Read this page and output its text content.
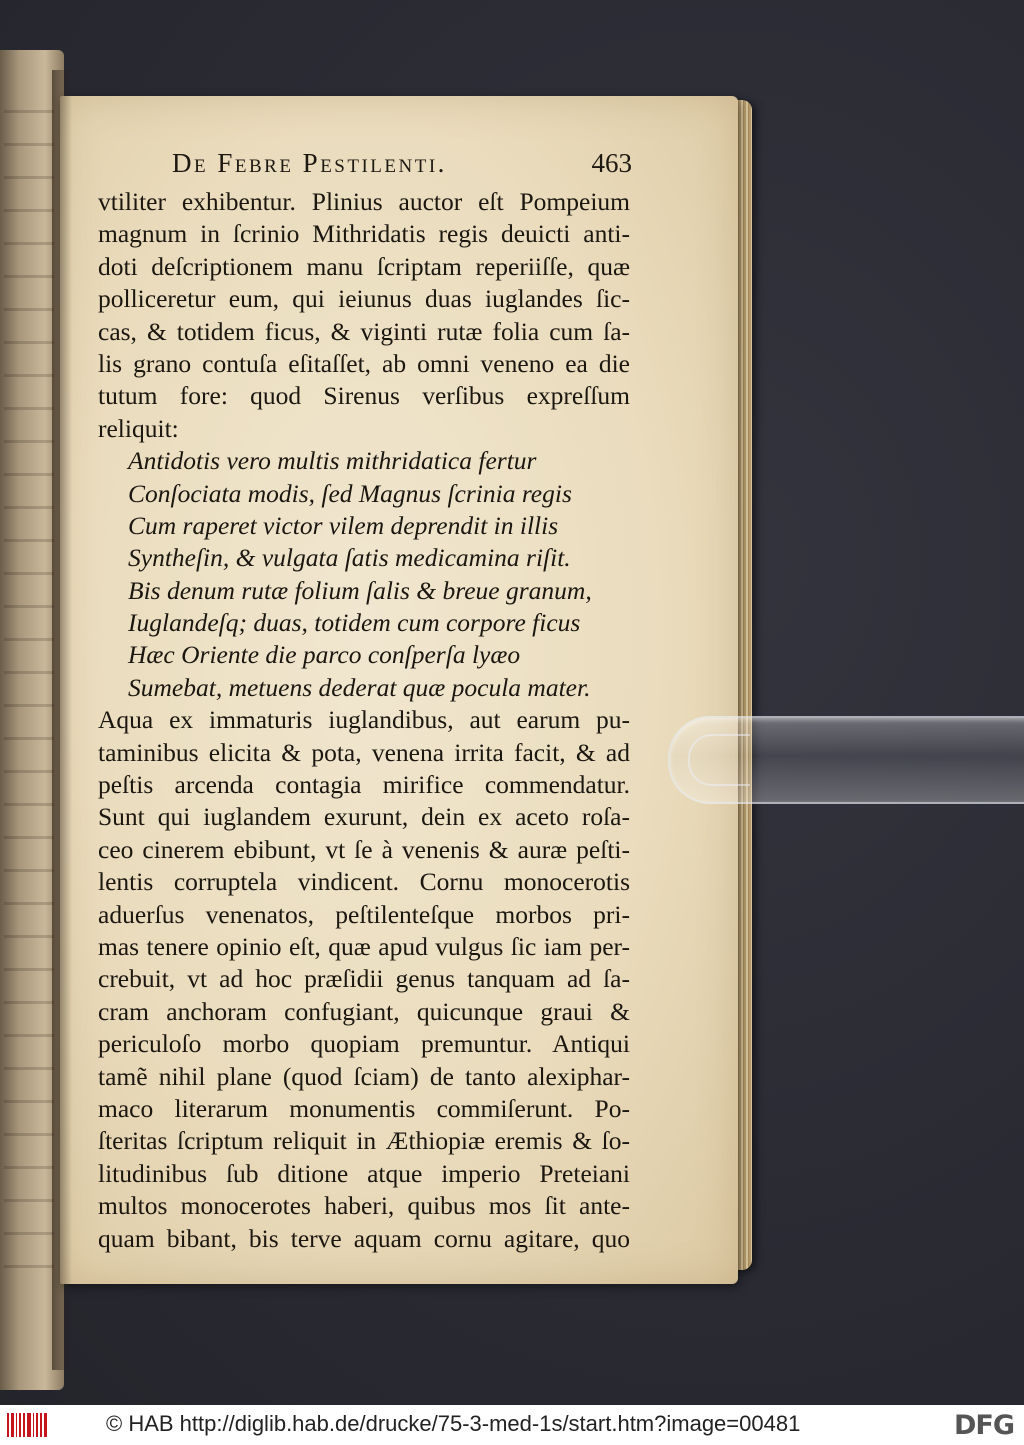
De Febre Pestilenti.	463
vtiliter exhibentur. Plinius auctor eſt Pompeium
magnum in ſcrinio Mithridatis regis deuicti anti-
doti deſcriptionem manu ſcriptam reperiiſſe, quæ
polliceretur eum, qui ieiunus duas iuglandes ſic-
cas, & totidem ficus, & viginti rutæ folia cum ſa-
lis grano contuſa eſitaſſet, ab omni veneno ea die
tutum fore: quod Sirenus verſibus expreſſum
reliquit:
Antidotis vero multis mithridatica fertur
Conſociata modis, ſed Magnus ſcrinia regis
Cum raperet victor vilem deprendit in illis
Syntheſin, & vulgata ſatis medicamina riſit.
Bis denum rutæ folium ſalis & breue granum,
Iuglandeſq; duas, totidem cum corpore ficus
Hæc Oriente die parco conſperſa lyæo
Sumebat, metuens dederat quæ pocula mater.
Aqua ex immaturis iuglandibus, aut earum pu-
taminibus elicita & pota, venena irrita facit, & ad
peſtis arcenda contagia mirifice commendatur.
Sunt qui iuglandem exurunt, dein ex aceto roſa-
ceo cinerem ebibunt, vt ſe à venenis & auræ peſti-
lentis corruptela vindicent. Cornu monocerotis
aduerſus venenatos, peſtilenteſque morbos pri-
mas tenere opinio eſt, quæ apud vulgus ſic iam per-
crebuit, vt ad hoc præſidii genus tanquam ad ſa-
cram anchoram confugiant, quicunque graui &
periculoſo morbo quopiam premuntur. Antiqui
tamẽ nihil plane (quod ſciam) de tanto alexiphar-
maco literarum monumentis commiſerunt. Po-
ſteritas ſcriptum reliquit in Æthiopiæ eremis & ſo-
litudinibus ſub ditione atque imperio Preteiani
multos monocerotes haberi, quibus mos ſit ante-
quam bibant, bis terve aquam cornu agitare, quo
© HAB http://diglib.hab.de/drucke/75-3-med-1s/start.htm?image=00481	DFG
